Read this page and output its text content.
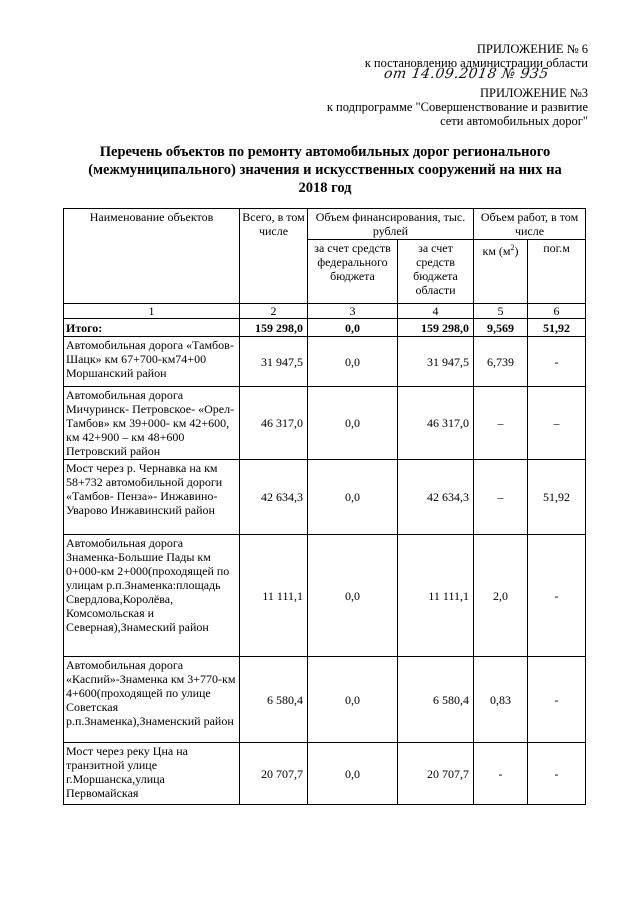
ПРИЛОЖЕНИЕ № 6
к постановлению администрации области
от 14.09.2018 № 935
ПРИЛОЖЕНИЕ №3
к подпрограмме "Совершенствование и развитие
сети автомобильных дорог"
Перечень объектов по ремонту автомобильных дорог регионального
(межмуниципального) значения и искусственных сооружений на них на
2018 год
Наименование объектов	Всего, в том числе	Объем финансирования, тыс. рублей		Объем работ, в том числе	
		за счет средств федерального бюджета	за счет средств бюджета области	км $(м^2)$	пог.м
1	2	3	4	5	6
Итого:	159 298,0	0,0	159 298,0	9,569	51,92
Автомобильная дорога «Тамбов-Шацк» км 67+700-км74+00 Моршанский район	31 947,5	0,0	31 947,5	6,739	-
Автомобильная дорога Мичуринск- Петровское- «Орел- Тамбов» км 39+000- км 42+600, км 42+900 – км 48+600 Петровский район	46 317,0	0,0	46 317,0	–	–
Мост через р. Чернавка на км 58+732 автомобильной дороги «Тамбов- Пенза»- Инжавино- Уварово Инжавинский район	42 634,3	0,0	42 634,3	–	51,92
Автомобильная дорога Знаменка-Большие Пады км 0+000-км 2+000(проходящей по улицам р.п.Знаменка:площадь Свердлова,Королёва, Комсомольская и Северная),Знамеский район	11 111,1	0,0	11 111,1	2,0	-
Автомобильная дорога «Каспий»-Знаменка км 3+770-км 4+600(проходящей по улице Советская р.п.Знаменка),Знаменский район	6 580,4	0,0	6 580,4	0,83	-
Мост через реку Цна на транзитной улице г.Моршанска,улица Первомайская	20 707,7	0,0	20 707,7	-	-
